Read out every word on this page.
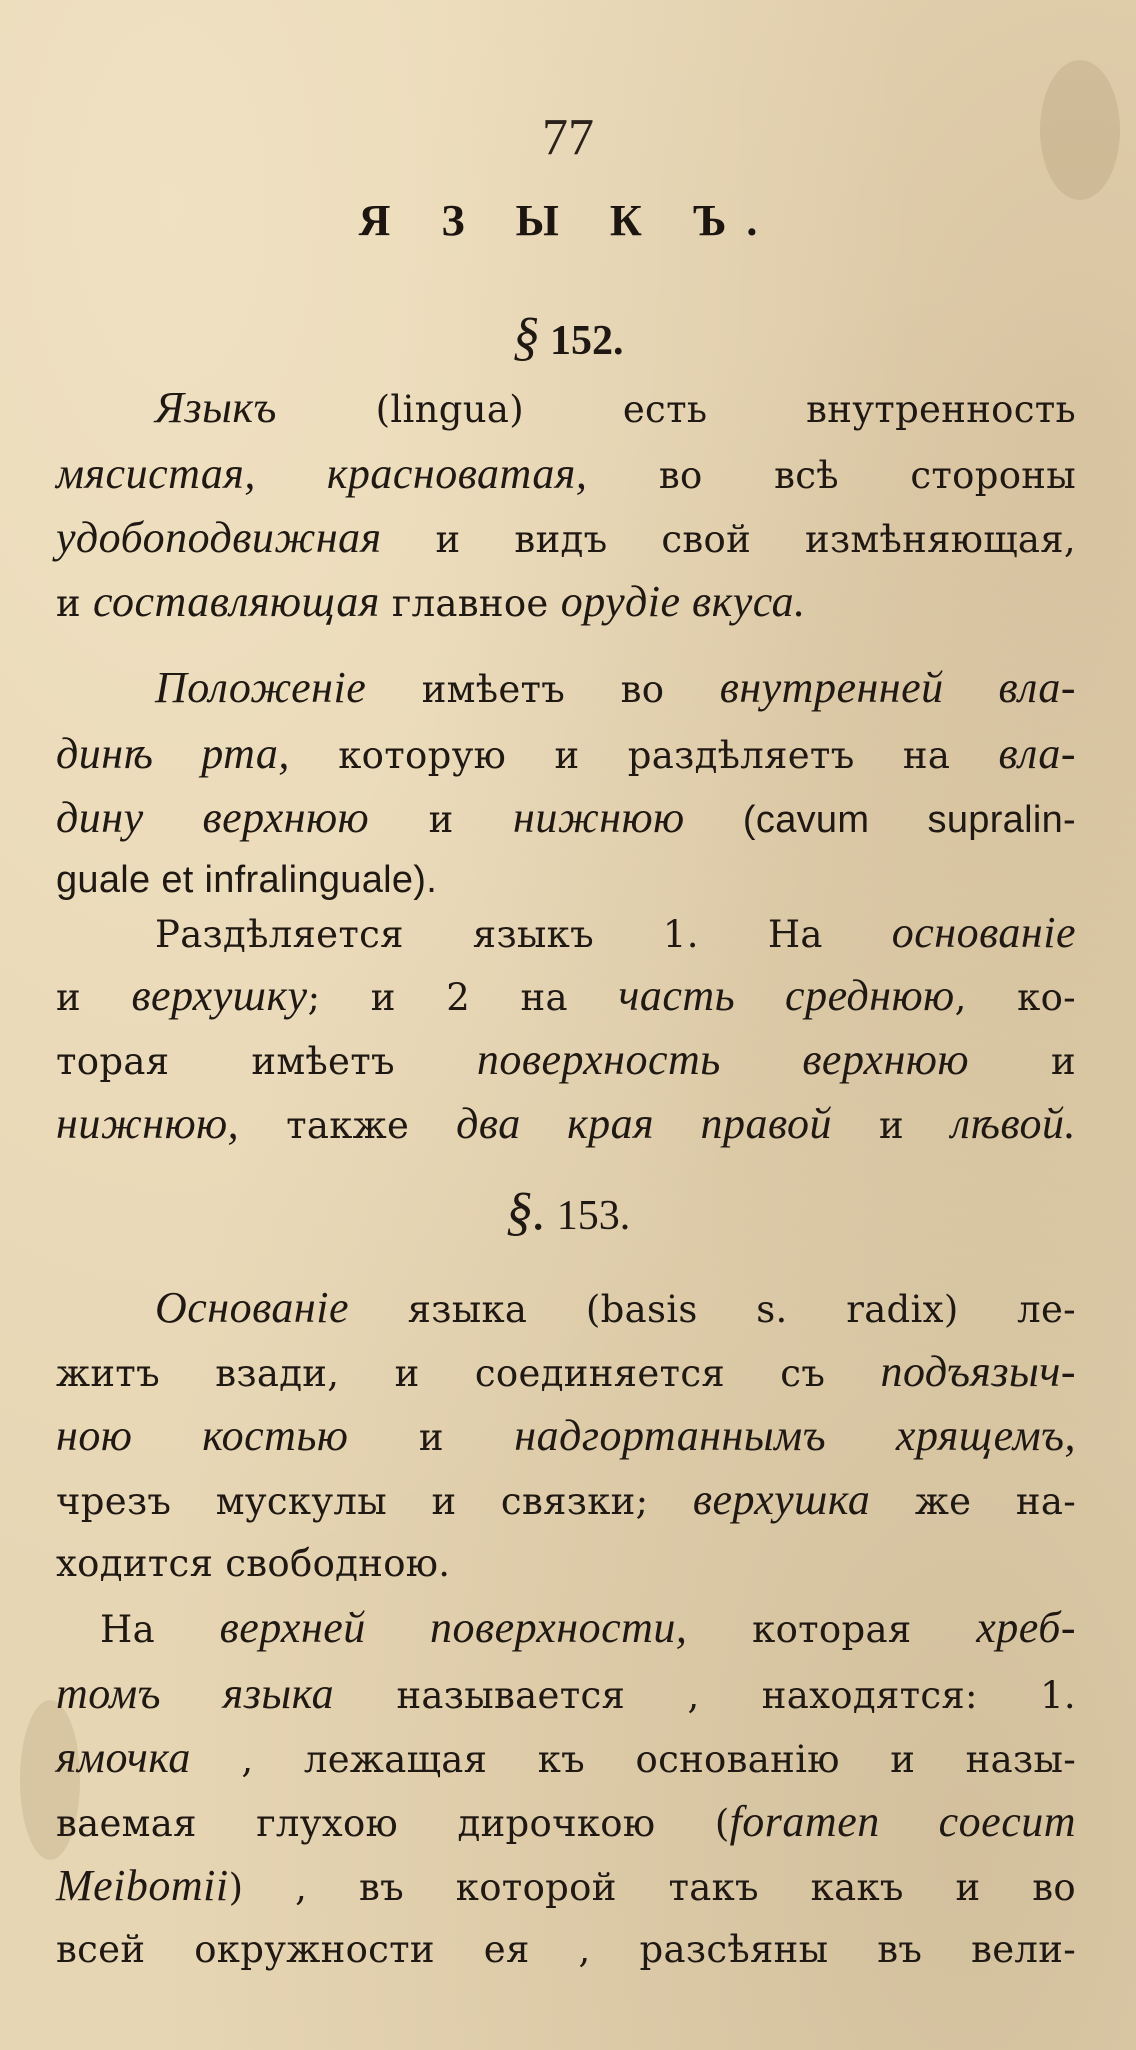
77
Я З Ы К Ъ.
§ 152.
Языкъ (lingua) есть внутренность
мясистая, красноватая, во всѣ стороны
удобоподвижная и видъ свой измѣняющая,
и составляющая главное орудіе вкуса.
Положеніе имѣетъ во внутренней вла-
динѣ рта, которую и раздѣляетъ на вла-
дину верхнюю и нижнюю (cavum supralin-
guale et infralinguale).
Раздѣляется языкъ 1. На основаніе
и верхушку; и 2 на часть среднюю, ко-
торая имѣетъ поверхность верхнюю и
нижнюю, также два края правой и лѣвой.
§. 153.
Основаніе языка (basis s. radix) ле-
житъ взади, и соединяется съ подъязыч-
ною костью и надгортаннымъ хрящемъ,
чрезъ мускулы и связки; верхушка же на-
ходится свободною.
На верхней поверхности, которая хреб-
томъ языка называется , находятся: 1.
ямочка , лежащая къ основанію и назы-
ваемая глухою дирочкою (foramen coecum
Meibomii) , въ которой такъ какъ и во
всей окружности ея , разсѣяны въ вели-
